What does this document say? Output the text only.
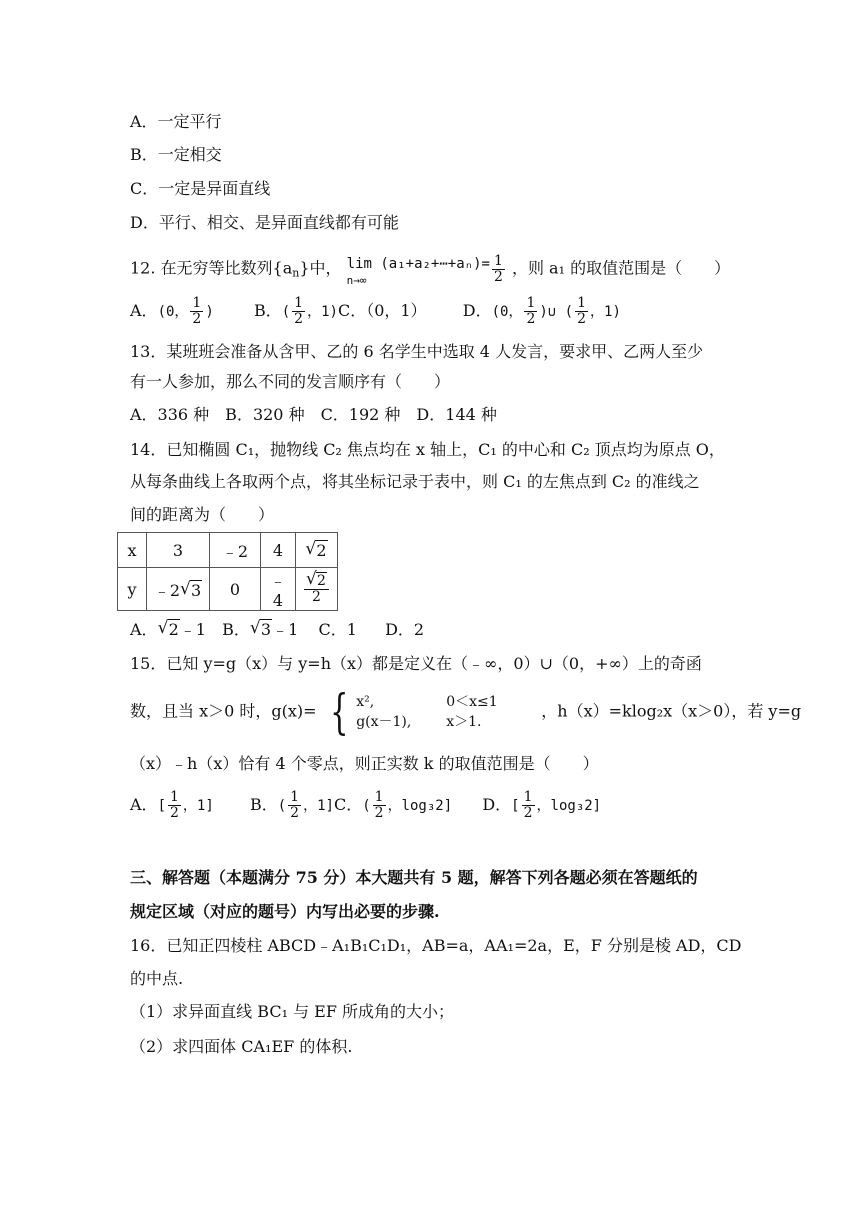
A．一定平行
B．一定相交
C．一定是异面直线
D．平行、相交、是异面直线都有可能
12. 在无穷等比数列$\{a_n\}$中， lim (a₁+a₂+⋯+aₙ)=
n→∞	$\frac{1}{2}$ ，则 a₁ 的取值范围是（　　）
A．(0， $\frac{1}{2}$ )	B．( $\frac{1}{2}$ ，1)C．（0，1） D．(0， $\frac{1}{2}$ )∪ ( $\frac{1}{2}$ ，1)
13．某班班会准备从含甲、乙的 6 名学生中选取 4 人发言，要求甲、乙两人至少
有一人参加，那么不同的发言顺序有（　　）
A．336 种　B．320 种　C．192 种　D．144 种
14．已知椭圆 C₁，抛物线 C₂ 焦点均在 x 轴上，C₁ 的中心和 C₂ 顶点均为原点 O，
从每条曲线上各取两个点，将其坐标记录于表中，则 C₁ 的左焦点到 C₂ 的准线之
间的距离为（　　）
x	3	﹣2	4	√ 2
y	﹣2 √ 3	0	﹣4	√ $\frac{2}{2}$
A． √ 2﹣1 B． √ 3﹣1 C．1 D．2
15．已知 y=g（x）与 y=h（x）都是定义在（﹣∞，0）∪（0，+∞）上的奇函
数，且当 x＞0 时，g(x)= { x²,	0＜x≤1
g(x－1), x＞1.
，h（x）=klog₂x（x＞0），若 y=g
（x）﹣h（x）恰有 4 个零点，则正实数 k 的取值范围是（　　）
A．[ $\frac{1}{2}$ ，1] B．( $\frac{1}{2}$ ，1]C．( $\frac{1}{2}$ ，log₃2] D．[ $\frac{1}{2}$ ，log₃2]
三、解答题（本题满分 75 分）本大题共有 5 题，解答下列各题必须在答题纸的
规定区域（对应的题号）内写出必要的步骤.
16．已知正四棱柱 ABCD﹣A₁B₁C₁D₁，AB=a，AA₁=2a，E，F 分别是棱 AD，CD
的中点.
（1）求异面直线 BC₁ 与 EF 所成角的大小；
（2）求四面体 CA₁EF 的体积.
